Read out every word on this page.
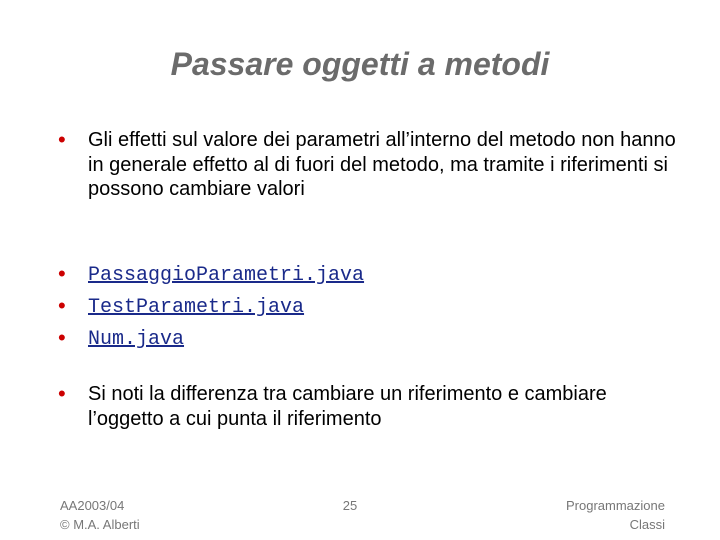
Passare oggetti a metodi
• Gli effetti sul valore dei parametri all’interno del metodo non hanno in generale effetto al di fuori del metodo, ma tramite i riferimenti si possono cambiare valori
• PassaggioParametri.java
• TestParametri.java
• Num.java
• Si noti la differenza tra cambiare un riferimento e cambiare l’oggetto a cui punta il riferimento
AA2003/04
© M.A. Alberti
25	Programmazione
Classi
